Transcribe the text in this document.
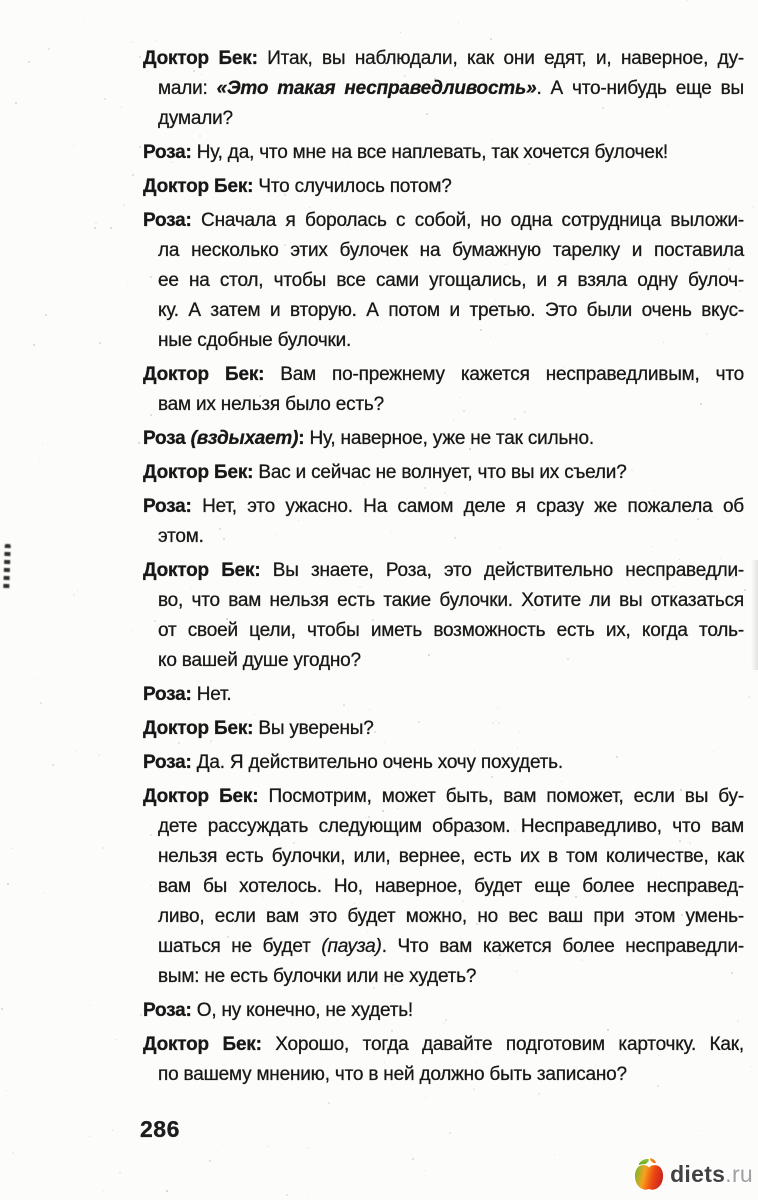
Доктор Бек: Итак, вы наблюдали, как они едят, и, наверное, ду-
мали: «Это такая несправедливость». А что-нибудь еще вы
думали?
Роза: Ну, да, что мне на все наплевать, так хочется булочек!
Доктор Бек: Что случилось потом?
Роза: Сначала я боролась с собой, но одна сотрудница выложи-
ла несколько этих булочек на бумажную тарелку и поставила
ее на стол, чтобы все сами угощались, и я взяла одну булоч-
ку. А затем и вторую. А потом и третью. Это были очень вкус-
ные сдобные булочки.
Доктор Бек: Вам по-прежнему кажется несправедливым, что
вам их нельзя было есть?
Роза (вздыхает): Ну, наверное, уже не так сильно.
Доктор Бек: Вас и сейчас не волнует, что вы их съели?
Роза: Нет, это ужасно. На самом деле я сразу же пожалела об
этом.
Доктор Бек: Вы знаете, Роза, это действительно несправедли-
во, что вам нельзя есть такие булочки. Хотите ли вы отказаться
от своей цели, чтобы иметь возможность есть их, когда толь-
ко вашей душе угодно?
Роза: Нет.
Доктор Бек: Вы уверены?
Роза: Да. Я действительно очень хочу похудеть.
Доктор Бек: Посмотрим, может быть, вам поможет, если вы бу-
дете рассуждать следующим образом. Несправедливо, что вам
нельзя есть булочки, или, вернее, есть их в том количестве, как
вам бы хотелось. Но, наверное, будет еще более несправед-
ливо, если вам это будет можно, но вес ваш при этом умень-
шаться не будет (пауза). Что вам кажется более несправедли-
вым: не есть булочки или не худеть?
Роза: О, ну конечно, не худеть!
Доктор Бек: Хорошо, тогда давайте подготовим карточку. Как,
по вашему мнению, что в ней должно быть записано?
286
diets.ru
